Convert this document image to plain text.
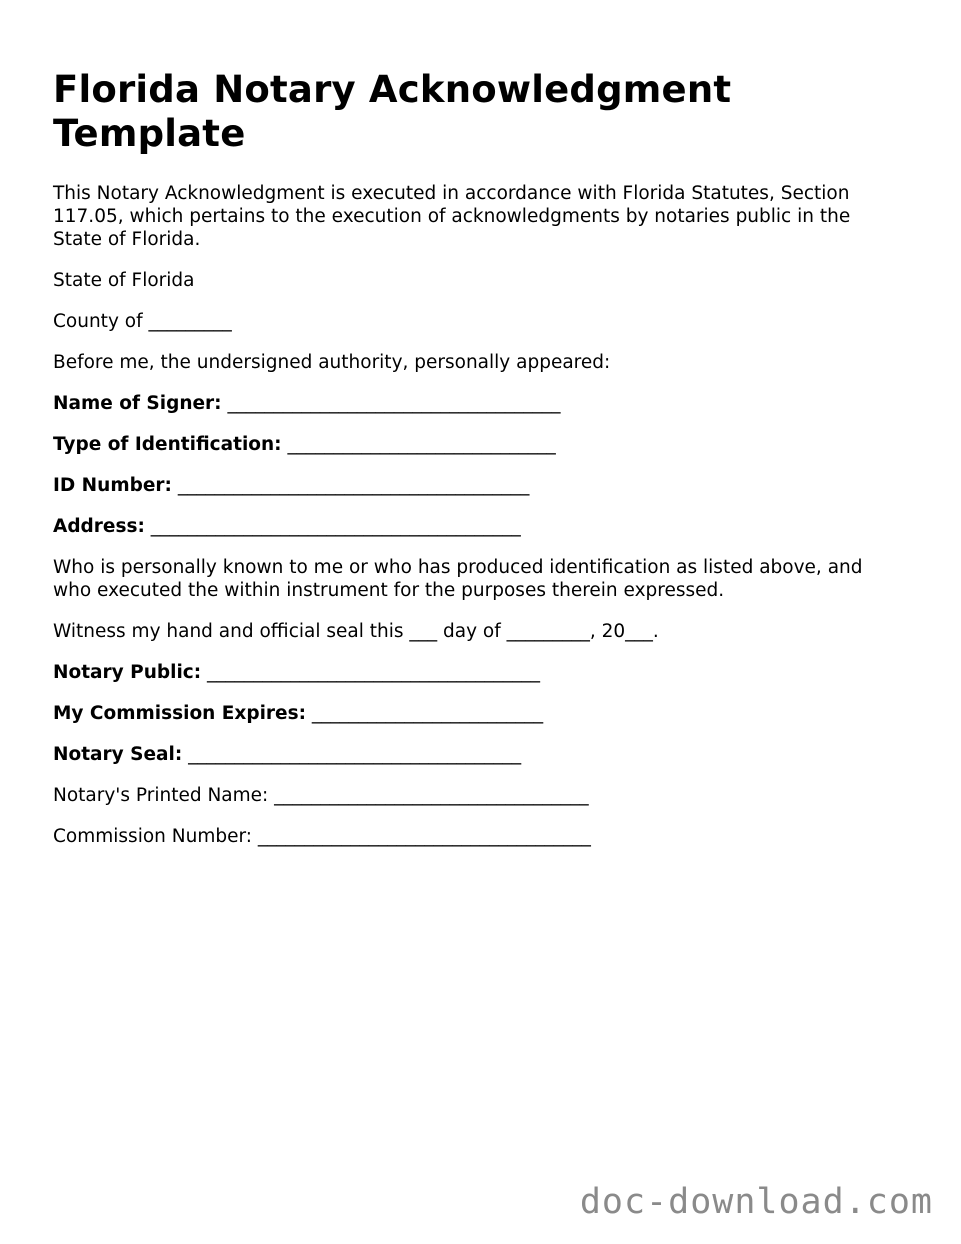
Florida Notary Acknowledgment Template

This Notary Acknowledgment is executed in accordance with Florida Statutes, Section 117.05, which pertains to the execution of acknowledgments by notaries public in the State of Florida.

State of Florida

County of _________

Before me, the undersigned authority, personally appeared:

Name of Signer: ____________________________________

Type of Identification: _____________________________

ID Number: ______________________________________

Address: ________________________________________

Who is personally known to me or who has produced identification as listed above, and who executed the within instrument for the purposes therein expressed.

Witness my hand and official seal this ___ day of _________, 20___.

Notary Public: ____________________________________

My Commission Expires: _________________________

Notary Seal: ____________________________________

Notary's Printed Name: __________________________________

Commission Number: ____________________________________

doc-download.com
